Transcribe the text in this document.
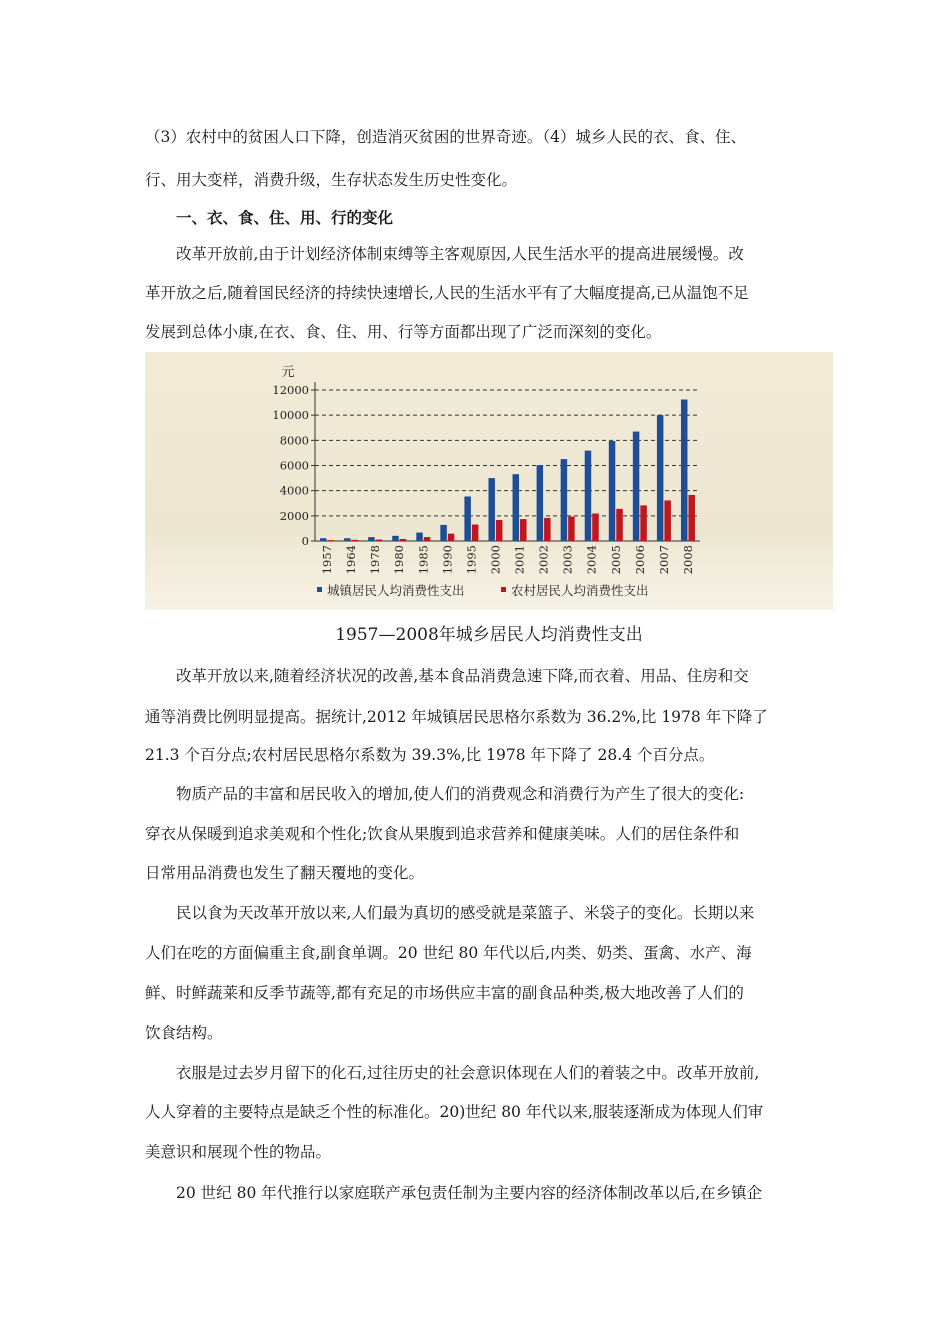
（3）农村中的贫困人口下降，创造消灭贫困的世界奇迹。（4）城乡人民的衣、食、住、

行、用大变样，消费升级，生存状态发生历史性变化。

一、衣、食、住、用、行的变化

改革开放前,由于计划经济体制束缚等主客观原因,人民生活水平的提高进展缓慢。改

革开放之后,随着国民经济的持续快速增长,人民的生活水平有了大幅度提高,已从温饱不足

发展到总体小康,在衣、食、住、用、行等方面都出现了广泛而深刻的变化。

元
0
2000
4000
6000
8000
10000
12000
1957 1964 1978 1980 1985 1990 1995 2000 2001 2002 2003 2004 2005 2006 2007 2008
城镇居民人均消费性支出	农村居民人均消费性支出
1957—2008年城乡居民人均消费性支出

改革开放以来,随着经济状况的改善,基本食品消费急速下降,而衣着、用品、住房和交

通等消费比例明显提高。据统计,2012 年城镇居民思格尔系数为 36.2%,比 1978 年下降了

21.3 个百分点;农村居民思格尔系数为 39.3%,比 1978 年下降了 28.4 个百分点。

物质产品的丰富和居民收入的增加,使人们的消费观念和消费行为产生了很大的变化:

穿衣从保暖到追求美观和个性化;饮食从果腹到追求营养和健康美味。人们的居住条件和

日常用品消费也发生了翻天覆地的变化。

民以食为天改革开放以来,人们最为真切的感受就是菜篮子、米袋子的变化。长期以来

人们在吃的方面偏重主食,副食单调。20 世纪 80 年代以后,内类、奶类、蛋禽、水产、海

鲜、时鲜蔬莱和反季节蔬等,都有充足的市场供应丰富的副食品种类,极大地改善了人们的

饮食结构。

衣服是过去岁月留下的化石,过往历史的社会意识体现在人们的着装之中。改革开放前,

人人穿着的主要特点是缺乏个性的标准化。20)世纪 80 年代以来,服装逐渐成为体现人们审

美意识和展现个性的物品。

20 世纪 80 年代推行以家庭联产承包责任制为主要内容的经济体制改革以后,在乡镇企
